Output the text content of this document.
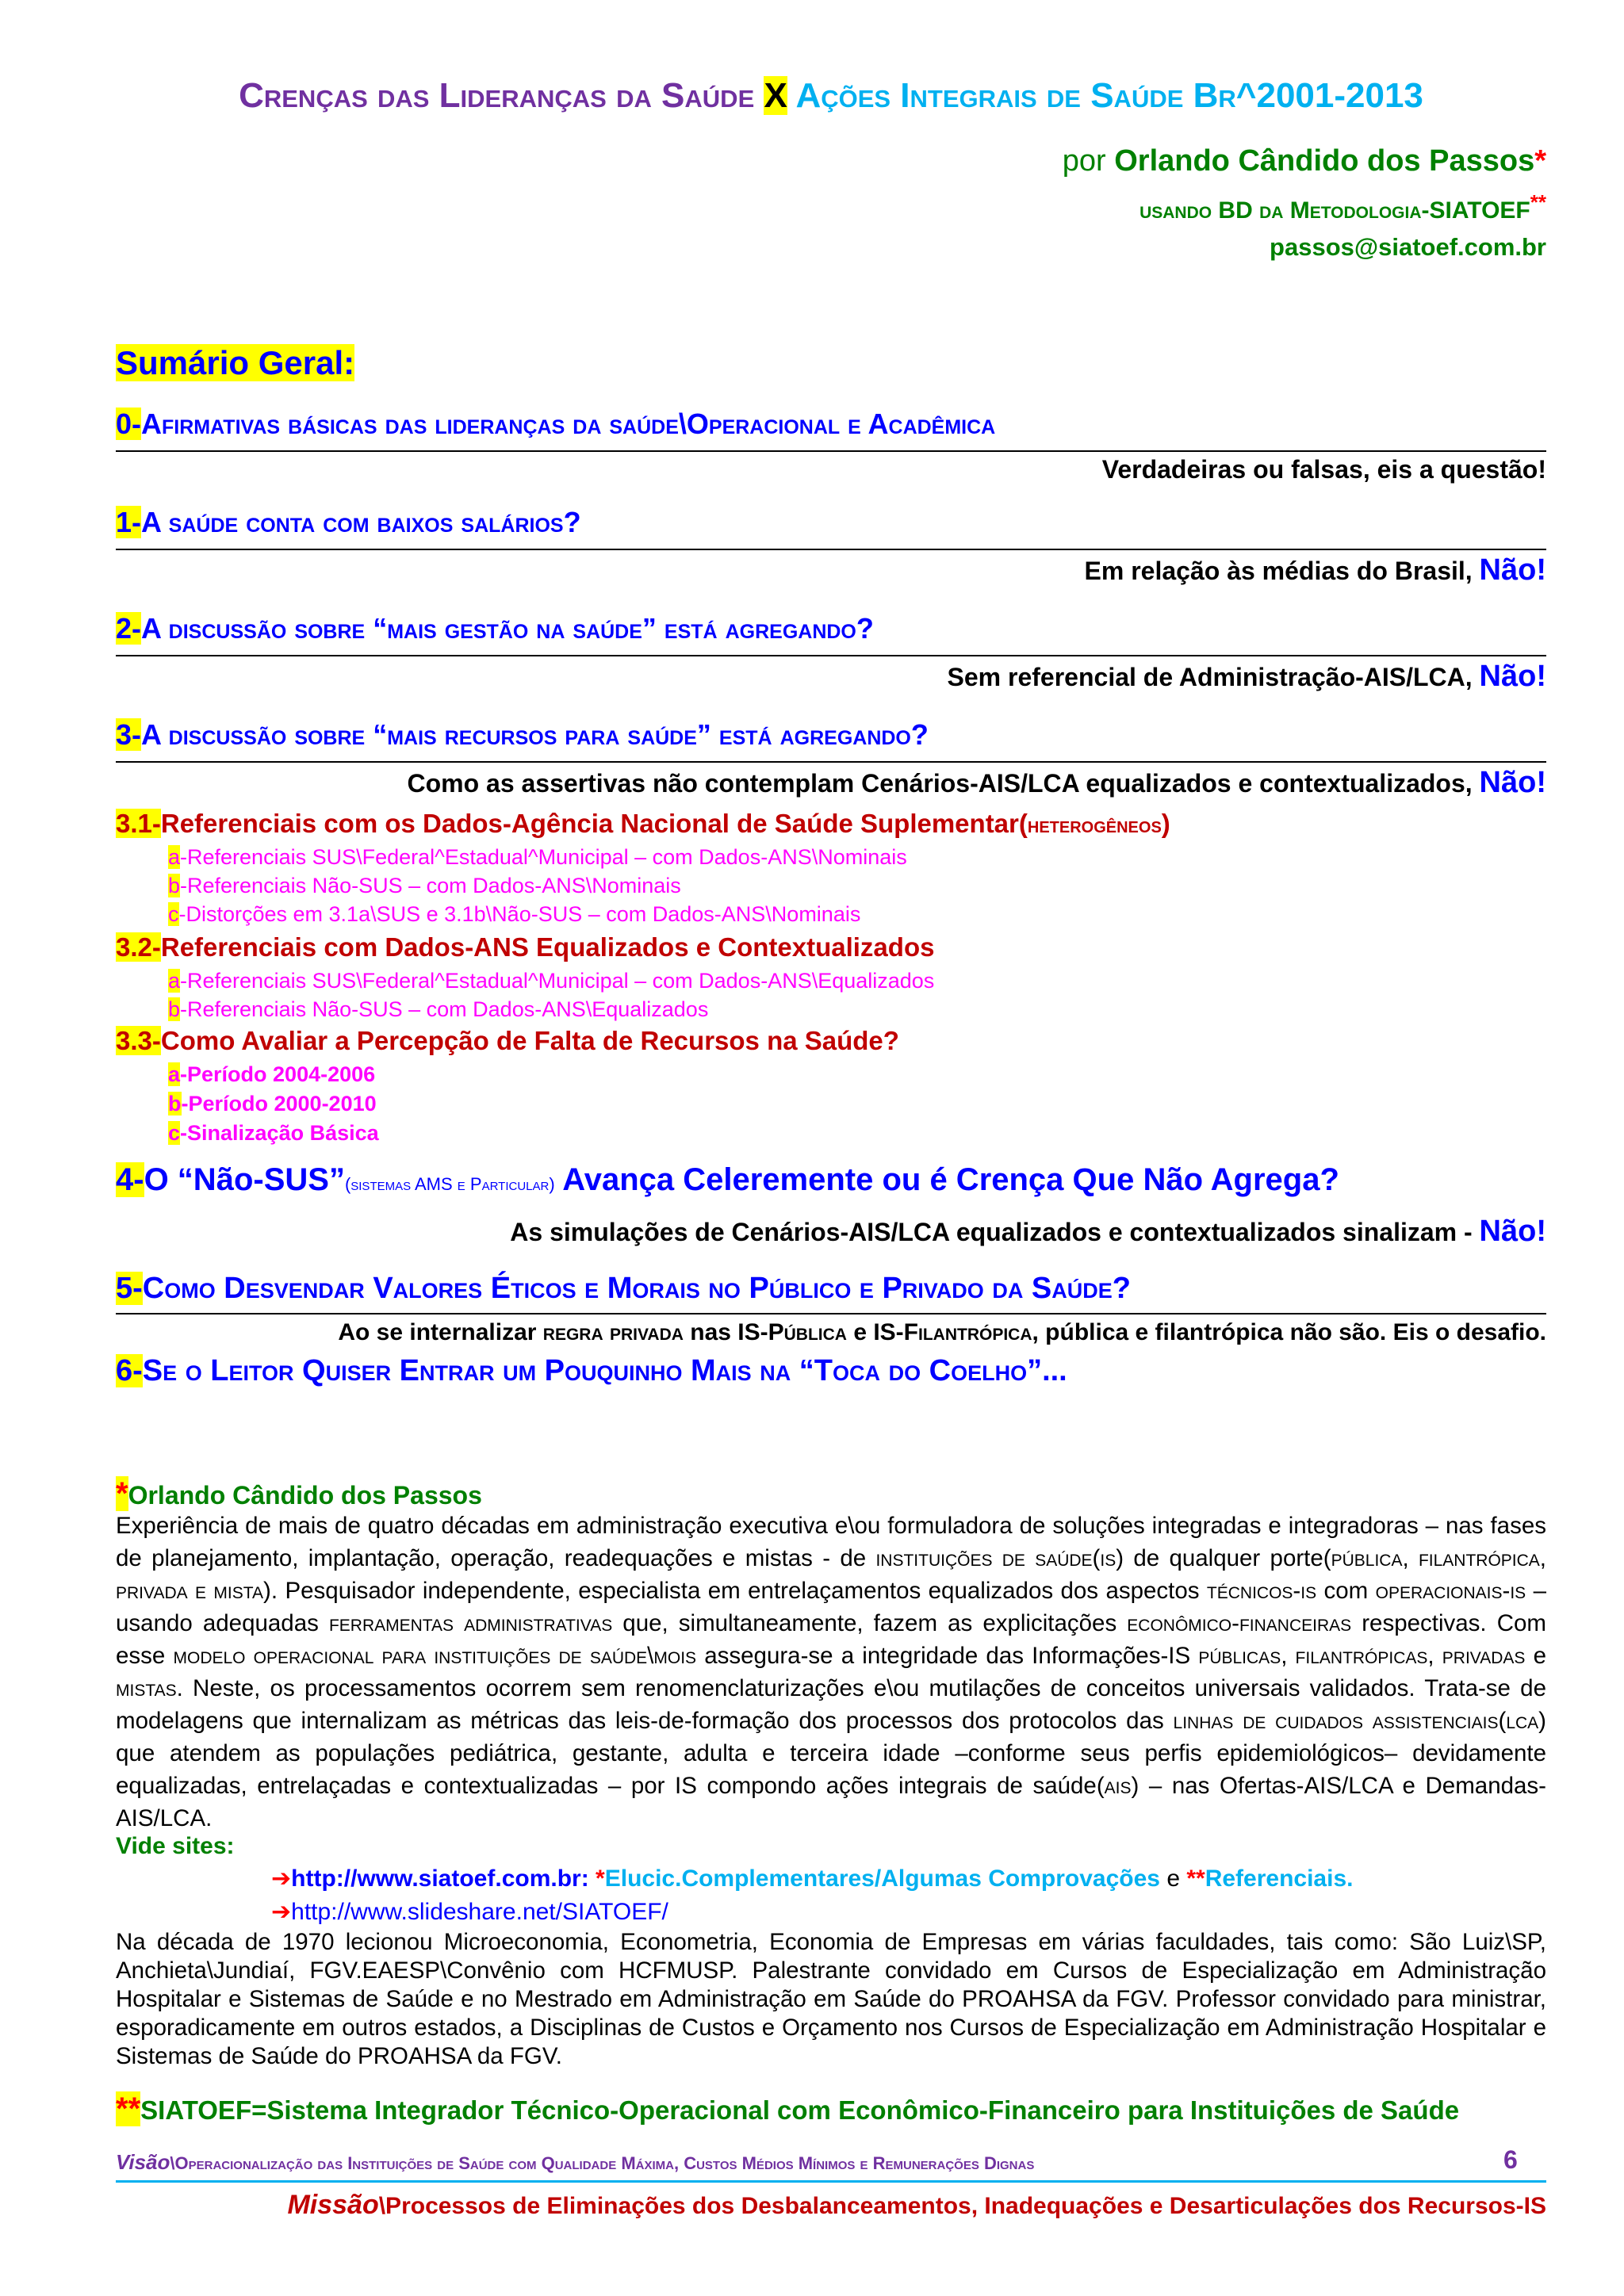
Crenças das Lideranças da Saúde X Ações Integrais de Saúde Br^2001-2013
por Orlando Cândido dos Passos*
usando BD da Metodologia-SIATOEF**
passos@siatoef.com.br
Sumário Geral:
0-Afirmativas básicas das lideranças da saúde\Operacional e Acadêmica
Verdadeiras ou falsas, eis a questão!
1-A saúde conta com baixos salários?
Em relação às médias do Brasil, Não!
2-A discussão sobre “mais gestão na saúde” está agregando?
Sem referencial de Administração-AIS/LCA, Não!
3-A discussão sobre “mais recursos para saúde” está agregando?
Como as assertivas não contemplam Cenários-AIS/LCA equalizados e contextualizados, Não!
3.1-Referenciais com os Dados-Agência Nacional de Saúde Suplementar(heterogêneos)
a-Referenciais SUS\Federal^Estadual^Municipal – com Dados-ANS\Nominais
b-Referenciais Não-SUS – com Dados-ANS\Nominais
c-Distorções em 3.1a\SUS e 3.1b\Não-SUS – com Dados-ANS\Nominais
3.2-Referenciais com Dados-ANS Equalizados e Contextualizados
a-Referenciais SUS\Federal^Estadual^Municipal – com Dados-ANS\Equalizados
b-Referenciais Não-SUS – com Dados-ANS\Equalizados
3.3-Como Avaliar a Percepção de Falta de Recursos na Saúde?
a-Período 2004-2006
b-Período 2000-2010
c-Sinalização Básica
4-O “Não-SUS”(sistemas AMS e Particular) Avança Celeremente ou é Crença Que Não Agrega?
As simulações de Cenários-AIS/LCA equalizados e contextualizados sinalizam - Não!
5-Como Desvendar Valores Éticos e Morais no Público e Privado da Saúde?
Ao se internalizar regra privada nas IS-Pública e IS-Filantrópica, pública e filantrópica não são. Eis o desafio.
6-Se o Leitor Quiser Entrar um Pouquinho Mais na “Toca do Coelho”...
*Orlando Cândido dos Passos
Experiência de mais de quatro décadas em administração executiva e\ou formuladora de soluções integradas e integradoras – nas fases de planejamento, implantação, operação, readequações e mistas - de instituições de saúde(is) de qualquer porte(pública, filantrópica, privada e mista). Pesquisador independente, especialista em entrelaçamentos equalizados dos aspectos técnicos-is com operacionais-is – usando adequadas ferramentas administrativas que, simultaneamente, fazem as explicitações econômico-financeiras respectivas. Com esse modelo operacional para instituições de saúde\mois assegura-se a integridade das Informações-IS públicas, filantrópicas, privadas e mistas. Neste, os processamentos ocorrem sem renomenclaturizações e\ou mutilações de conceitos universais validados. Trata-se de modelagens que internalizam as métricas das leis-de-formação dos processos dos protocolos das linhas de cuidados assistenciais(lca) que atendem as populações pediátrica, gestante, adulta e terceira idade –conforme seus perfis epidemiológicos– devidamente equalizadas, entrelaçadas e contextualizadas – por IS compondo ações integrais de saúde(ais) – nas Ofertas-AIS/LCA e Demandas-AIS/LCA.
Vide sites:
➔http://www.siatoef.com.br: *Elucic.Complementares/Algumas Comprovações e **Referenciais.
➔http://www.slideshare.net/SIATOEF/
Na década de 1970 lecionou Microeconomia, Econometria, Economia de Empresas em várias faculdades, tais como: São Luiz\SP, Anchieta\Jundiaí, FGV.EAESP\Convênio com HCFMUSP. Palestrante convidado em Cursos de Especialização em Administração Hospitalar e Sistemas de Saúde e no Mestrado em Administração em Saúde do PROAHSA da FGV. Professor convidado para ministrar, esporadicamente em outros estados, a Disciplinas de Custos e Orçamento nos Cursos de Especialização em Administração Hospitalar e Sistemas de Saúde do PROAHSA da FGV.
**SIATOEF=Sistema Integrador Técnico-Operacional com Econômico-Financeiro para Instituições de Saúde
Visão\Operacionalização das Instituições de Saúde com Qualidade Máxima, Custos Médios Mínimos e Remunerações Dignas	6
Missão\Processos de Eliminações dos Desbalanceamentos, Inadequações e Desarticulações dos Recursos-IS
